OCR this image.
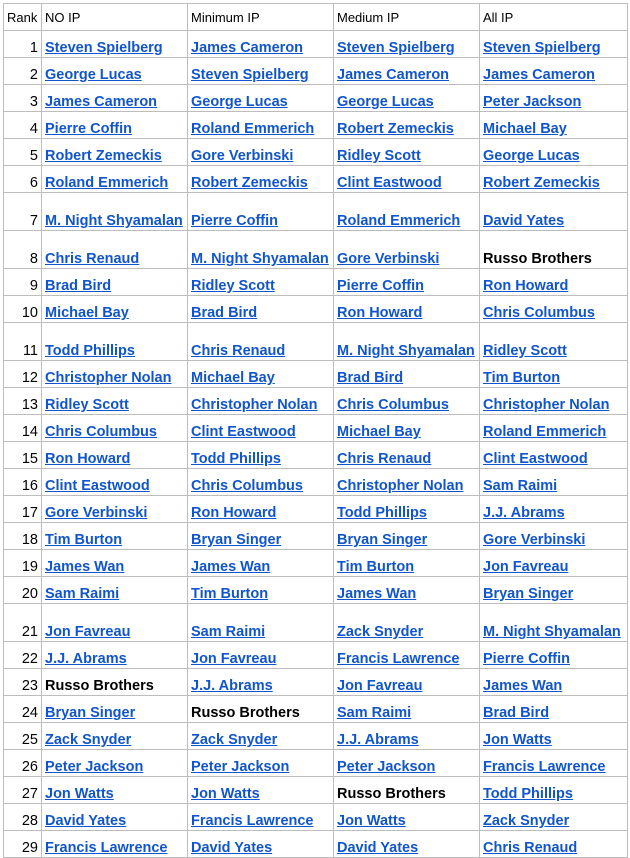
Rank	NO IP	Minimum IP	Medium IP	All IP
1	Steven Spielberg	James Cameron	Steven Spielberg	Steven Spielberg
2	George Lucas	Steven Spielberg	James Cameron	James Cameron
3	James Cameron	George Lucas	George Lucas	Peter Jackson
4	Pierre Coffin	Roland Emmerich	Robert Zemeckis	Michael Bay
5	Robert Zemeckis	Gore Verbinski	Ridley Scott	George Lucas
6	Roland Emmerich	Robert Zemeckis	Clint Eastwood	Robert Zemeckis
7	M. Night Shyamalan	Pierre Coffin	Roland Emmerich	David Yates
8	Chris Renaud	M. Night Shyamalan	Gore Verbinski	Russo Brothers
9	Brad Bird	Ridley Scott	Pierre Coffin	Ron Howard
10	Michael Bay	Brad Bird	Ron Howard	Chris Columbus
11	Todd Phillips	Chris Renaud	M. Night Shyamalan	Ridley Scott
12	Christopher Nolan	Michael Bay	Brad Bird	Tim Burton
13	Ridley Scott	Christopher Nolan	Chris Columbus	Christopher Nolan
14	Chris Columbus	Clint Eastwood	Michael Bay	Roland Emmerich
15	Ron Howard	Todd Phillips	Chris Renaud	Clint Eastwood
16	Clint Eastwood	Chris Columbus	Christopher Nolan	Sam Raimi
17	Gore Verbinski	Ron Howard	Todd Phillips	J.J. Abrams
18	Tim Burton	Bryan Singer	Bryan Singer	Gore Verbinski
19	James Wan	James Wan	Tim Burton	Jon Favreau
20	Sam Raimi	Tim Burton	James Wan	Bryan Singer
21	Jon Favreau	Sam Raimi	Zack Snyder	M. Night Shyamalan
22	J.J. Abrams	Jon Favreau	Francis Lawrence	Pierre Coffin
23	Russo Brothers	J.J. Abrams	Jon Favreau	James Wan
24	Bryan Singer	Russo Brothers	Sam Raimi	Brad Bird
25	Zack Snyder	Zack Snyder	J.J. Abrams	Jon Watts
26	Peter Jackson	Peter Jackson	Peter Jackson	Francis Lawrence
27	Jon Watts	Jon Watts	Russo Brothers	Todd Phillips
28	David Yates	Francis Lawrence	Jon Watts	Zack Snyder
29	Francis Lawrence	David Yates	David Yates	Chris Renaud
